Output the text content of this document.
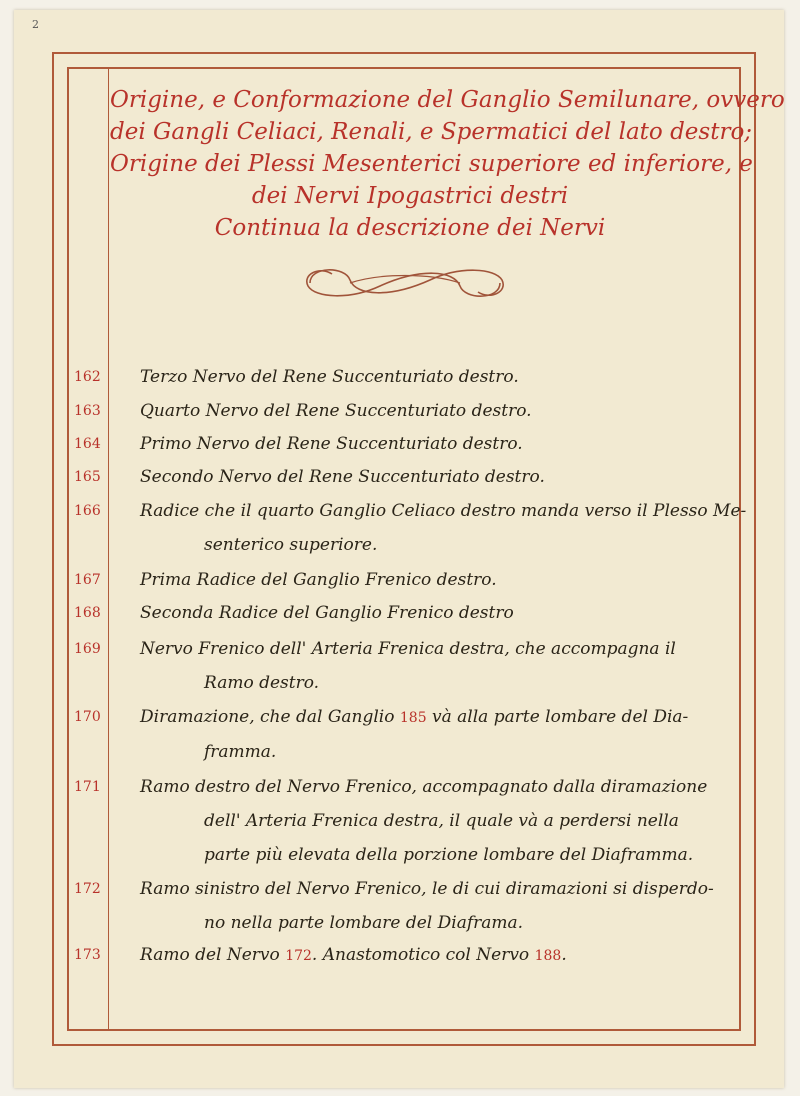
2
Origine, e Conformazione del Ganglio Semilunare, ovvero
dei Gangli Celiaci, Renali, e Spermatici del lato destro;
Origine dei Plessi Mesenterici superiore ed inferiore, e
dei Nervi Ipogastrici destri
Continua la descrizione dei Nervi
162	Terzo Nervo del Rene Succenturiato destro.
163	Quarto Nervo del Rene Succenturiato destro.
164	Primo Nervo del Rene Succenturiato destro.
165	Secondo Nervo del Rene Succenturiato destro.
166	Radice che il quarto Ganglio Celiaco destro manda verso il Plesso Me-
senterico superiore.
167	Prima Radice del Ganglio Frenico destro.
168	Seconda Radice del Ganglio Frenico destro
169	Nervo Frenico dell' Arteria Frenica destra, che accompagna il
Ramo destro.
170	Diramazione, che dal Ganglio 185 và alla parte lombare del Dia-
framma.
171	Ramo destro del Nervo Frenico, accompagnato dalla diramazione
dell' Arteria Frenica destra, il quale và a perdersi nella
parte più elevata della porzione lombare del Diaframma.
172	Ramo sinistro del Nervo Frenico, le di cui diramazioni si disperdo-
no nella parte lombare del Diaframa.
173	Ramo del Nervo 172. Anastomotico col Nervo 188.
